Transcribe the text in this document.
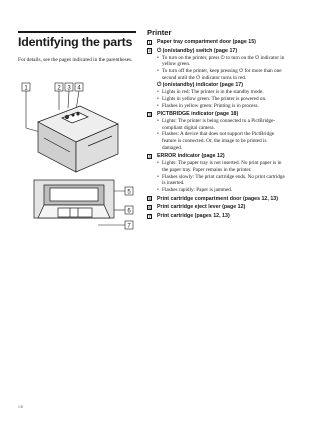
Identifying the parts
For details, see the pages indicated in the parentheses.
1	2 3 4
5
6
7
Printer
1 Paper tray compartment door (page 15)
2 ⏻ (on/standby) switch (page 17)
• To turn on the printer, press ⏻ to turn on the ⏻ indicator in yellow green.
• To turn off the printer, keep pressing ⏻ for more than one second until the ⏻ indicator turns in red.
⏻ (on/standby) indicator (page 17)
• Lights in red: The printer is in the standby mode.
• Lights in yellow green: The printer is powered on.
• Flashes in yellow green: Printing is in process.
3 PICTBRIDGE indicator (page 18)
• Lights: The printer is being connected to a PictBridge-compliant digital camera.
• Flashes: A device that does not support the PictBridge feature is connected. Or, the image to be printed is damaged.
4 ERROR indicator (page 12)
• Lights: The paper tray is not inserted. No print paper is in the paper tray. Paper remains in the printer.
• Flashes slowly: The print cartridge ends. No print cartridge is inserted.
• Flashes rapidly: Paper is jammed.
5 Print cartridge compartment door (pages 12, 13)
6 Print cartridge eject lever (page 12)
7 Print cartridge (pages 12, 13)
GB
